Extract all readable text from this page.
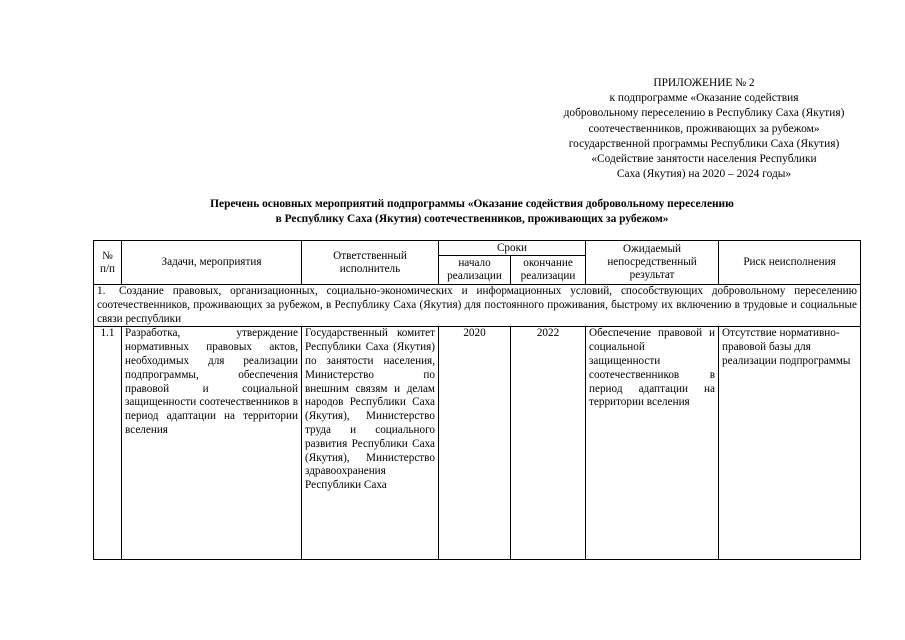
ПРИЛОЖЕНИЕ № 2
к подпрограмме «Оказание содействия
добровольному переселению в Республику Саха (Якутия)
соотечественников, проживающих за рубежом»
государственной программы Республики Саха (Якутия)
«Содействие занятости населения Республики
Саха (Якутия) на 2020 – 2024 годы»
Перечень основных мероприятий подпрограммы «Оказание содействия добровольному переселению
в Республику Саха (Якутия) соотечественников, проживающих за рубежом»
№ п/п	Задачи, мероприятия	Ответственный исполнитель	Сроки		Ожидаемый непосредственный результат	Риск неисполнения
			начало реализации	окончание реализации		
1. Создание правовых, организационных, социально-экономических и информационных условий, способствующих добровольному переселению соотечественников, проживающих за рубежом, в Республику Саха (Якутия) для постоянного проживания, быстрому их включению в трудовые и социальные связи республики						

1.1	Разработка, утверждение нормативных правовых актов, необходимых для реализации подпрограммы, обеспечения правовой и социальной защищенности соотечественников в период адаптации на территории вселения	Государственный комитет Республики Саха (Якутия) по занятости населения, Министерство по внешним связям и делам народов Республики Саха (Якутия), Министерство труда и социального развития Республики Саха (Якутия), Министерство здравоохранения Республики Саха	2020	2022	Обеспечение правовой и социальной защищенности соотечественников в период адаптации на территории вселения	Отсутствие нормативно-правовой базы для реализации подпрограммы
